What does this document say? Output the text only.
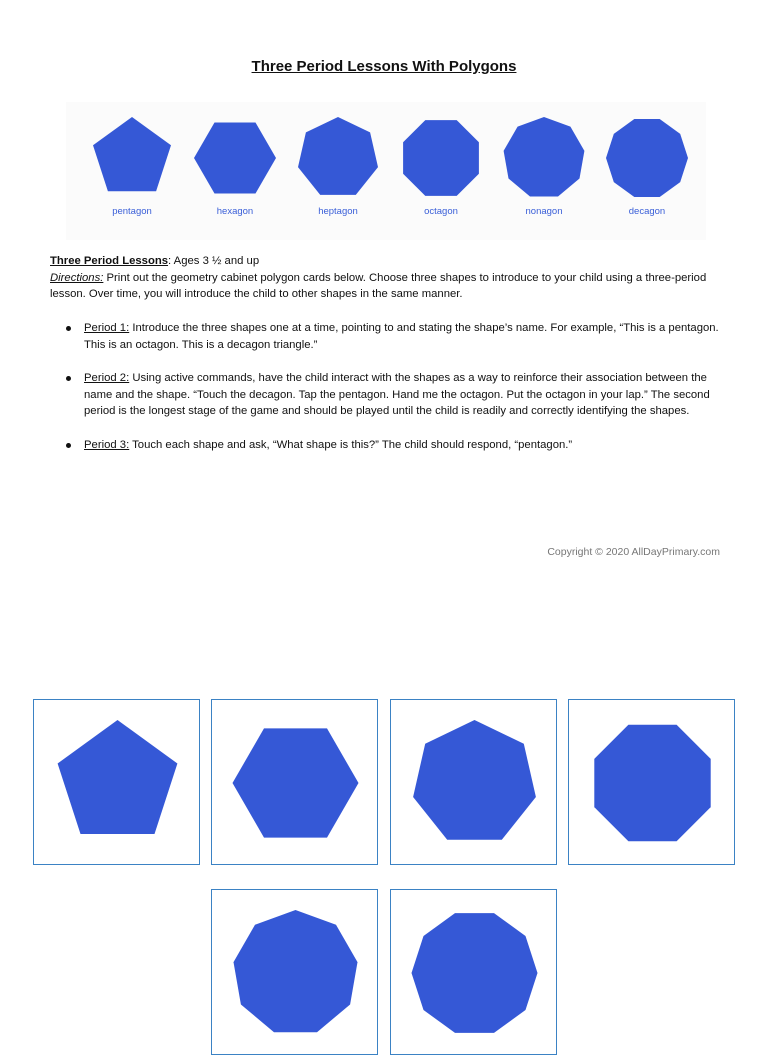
Three Period Lessons With Polygons
pentagon	hexagon	heptagon	octagon	nonagon	decagon
Three Period Lessons: Ages 3 ½ and up
Directions: Print out the geometry cabinet polygon cards below. Choose three shapes to introduce to your child using a three-period lesson. Over time, you will introduce the child to other shapes in the same manner.
Period 1: Introduce the three shapes one at a time, pointing to and stating the shape’s name. For example, “This is a pentagon. This is an octagon. This is a decagon triangle.”
Period 2: Using active commands, have the child interact with the shapes as a way to reinforce their association between the name and the shape. “Touch the decagon. Tap the pentagon. Hand me the octagon. Put the octagon in your lap.” The second period is the longest stage of the game and should be played until the child is readily and correctly identifying the shapes.
Period 3: Touch each shape and ask, “What shape is this?” The child should respond, “pentagon.”
Copyright © 2020 AllDayPrimary.com
